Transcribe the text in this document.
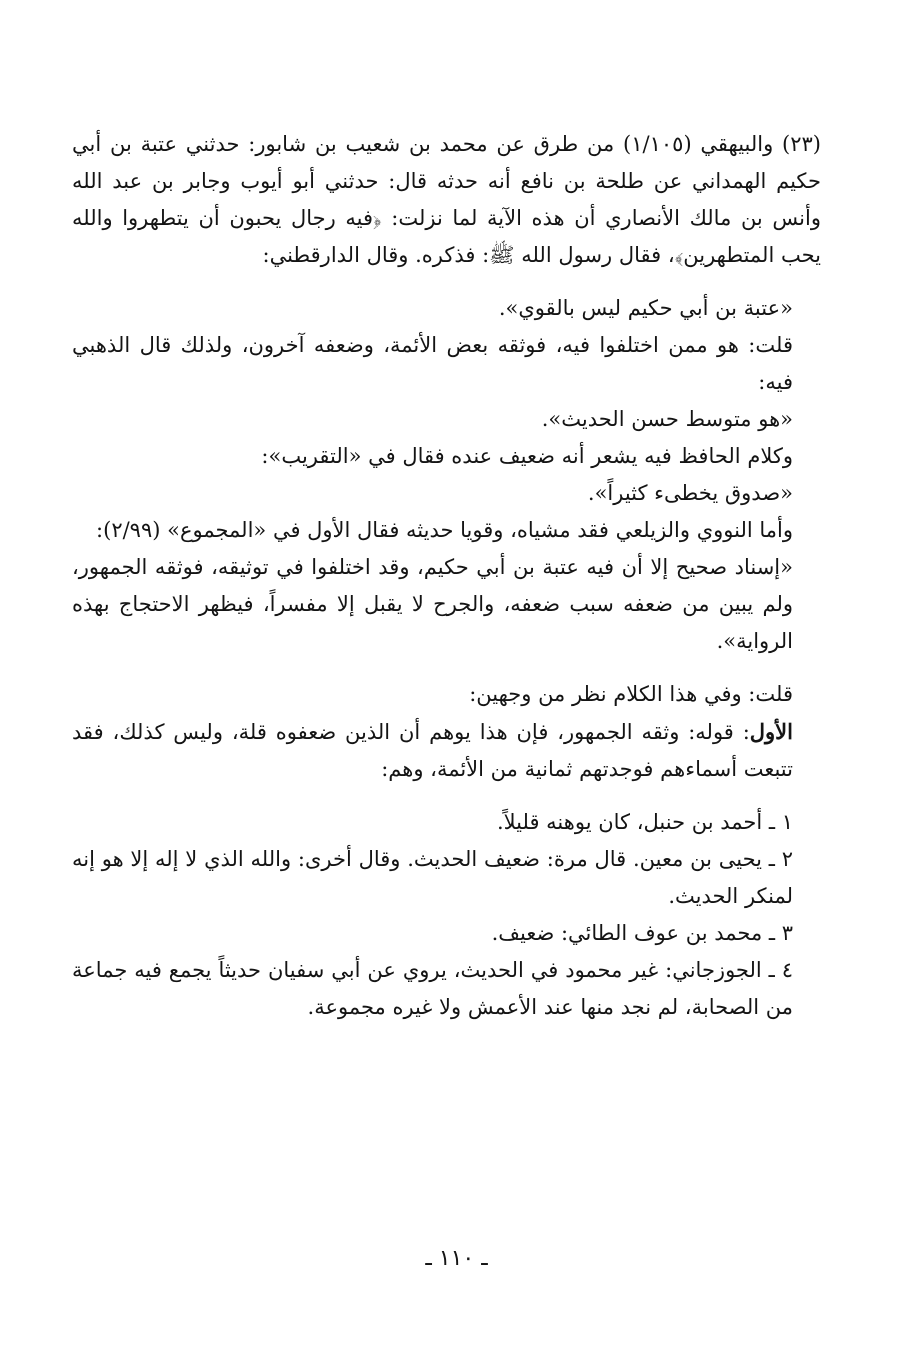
(٢٣) والبيهقي (١/١٠٥) من طرق عن محمد بن شعيب بن شابور: حدثني عتبة بن أبي حكيم الهمداني عن طلحة بن نافع أنه حدثه قال: حدثني أبو أيوب وجابر بن عبد الله وأنس بن مالك الأنصاري أن هذه الآية لما نزلت: ﴿فيه رجال يحبون أن يتطهروا والله يحب المتطهرين﴾، فقال رسول الله ﷺ: فذكره. وقال الدارقطني:

«عتبة بن أبي حكيم ليس بالقوي».

قلت: هو ممن اختلفوا فيه، فوثقه بعض الأئمة، وضعفه آخرون، ولذلك قال الذهبي فيه:

«هو متوسط حسن الحديث».

وكلام الحافظ فيه يشعر أنه ضعيف عنده فقال في «التقريب»:

«صدوق يخطىء كثيراً».

وأما النووي والزيلعي فقد مشياه، وقويا حديثه فقال الأول في «المجموع» (٢/٩٩):

«إسناد صحيح إلا أن فيه عتبة بن أبي حكيم، وقد اختلفوا في توثيقه، فوثقه الجمهور، ولم يبين من ضعفه سبب ضعفه، والجرح لا يقبل إلا مفسراً، فيظهر الاحتجاج بهذه الرواية».

قلت: وفي هذا الكلام نظر من وجهين:

الأول: قوله: وثقه الجمهور، فإن هذا يوهم أن الذين ضعفوه قلة، وليس كذلك، فقد تتبعت أسماءهم فوجدتهم ثمانية من الأئمة، وهم:

١ ـ أحمد بن حنبل، كان يوهنه قليلاً.

٢ ـ يحيى بن معين. قال مرة: ضعيف الحديث. وقال أخرى: والله الذي لا إله إلا هو إنه لمنكر الحديث.

٣ ـ محمد بن عوف الطائي: ضعيف.

٤ ـ الجوزجاني: غير محمود في الحديث، يروي عن أبي سفيان حديثاً يجمع فيه جماعة من الصحابة، لم نجد منها عند الأعمش ولا غيره مجموعة.

ـ ١١٠ ـ
